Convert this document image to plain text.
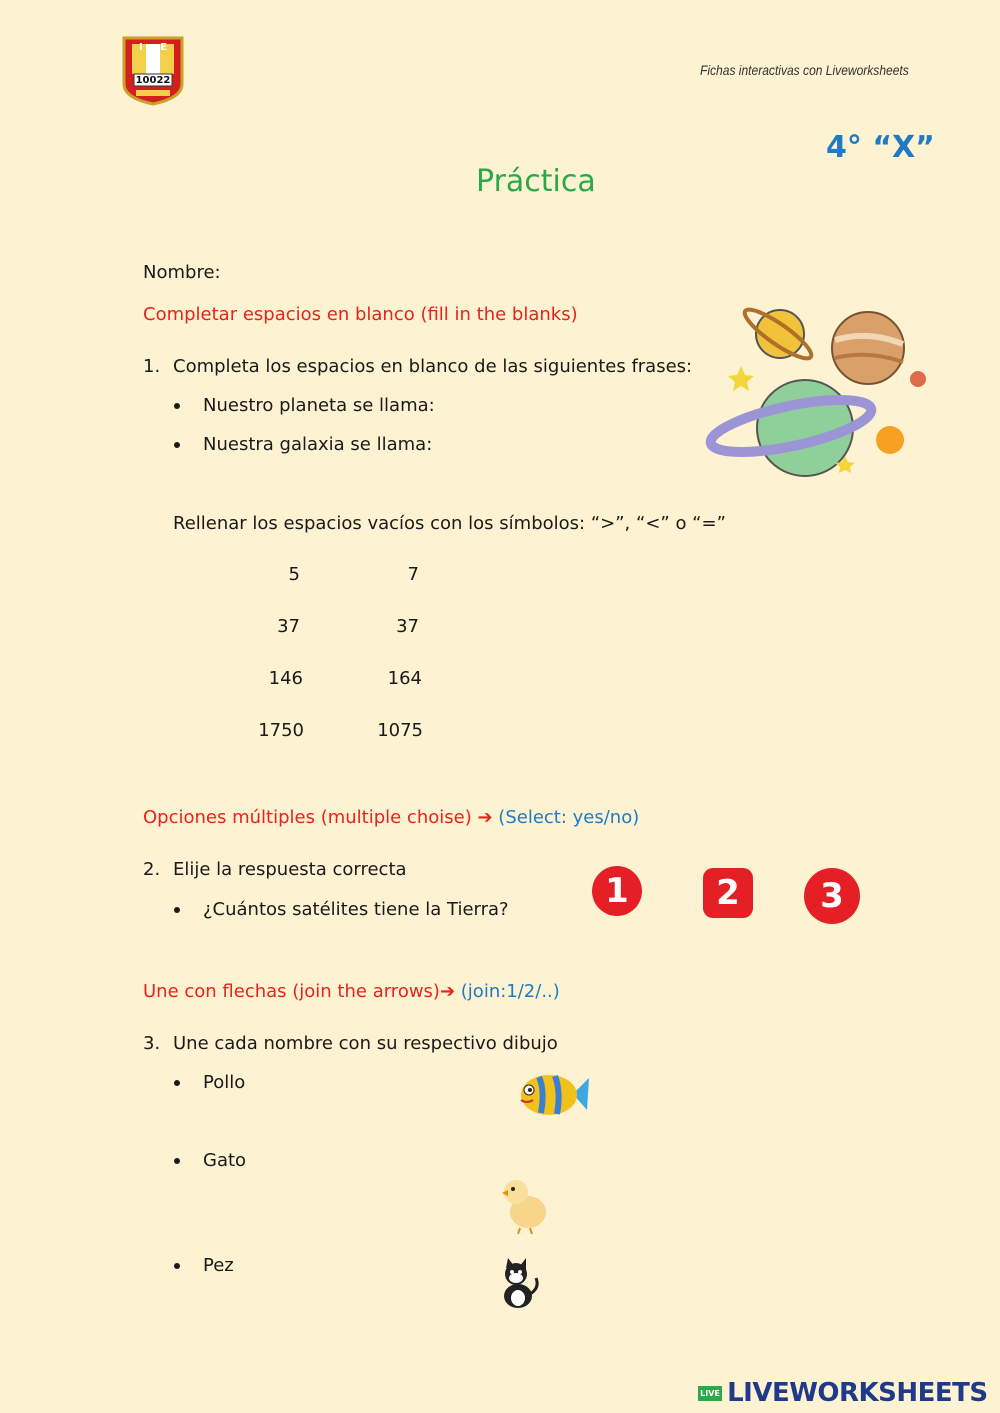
I E
10022
Fichas interactivas con Liveworksheets
4° “X”
Práctica
Nombre:
Completar espacios en blanco (fill in the blanks)
1. Completa los espacios en blanco de las siguientes frases:
Nuestro planeta se llama:
Nuestra galaxia se llama:
Rellenar los espacios vacíos con los símbolos: “>”, “<” o “=”
5	7
37	37
146	164
1750	1075
Opciones múltiples (multiple choise) ➔ (Select: yes/no)
2. Elije la respuesta correcta
¿Cuántos satélites tiene la Tierra?	1	2	3
Une con flechas (join the arrows)➔ (join:1/2/..)
3. Une cada nombre con su respectivo dibujo
Pollo
Gato
Pez
LIVE LIVEWORKSHEETS
